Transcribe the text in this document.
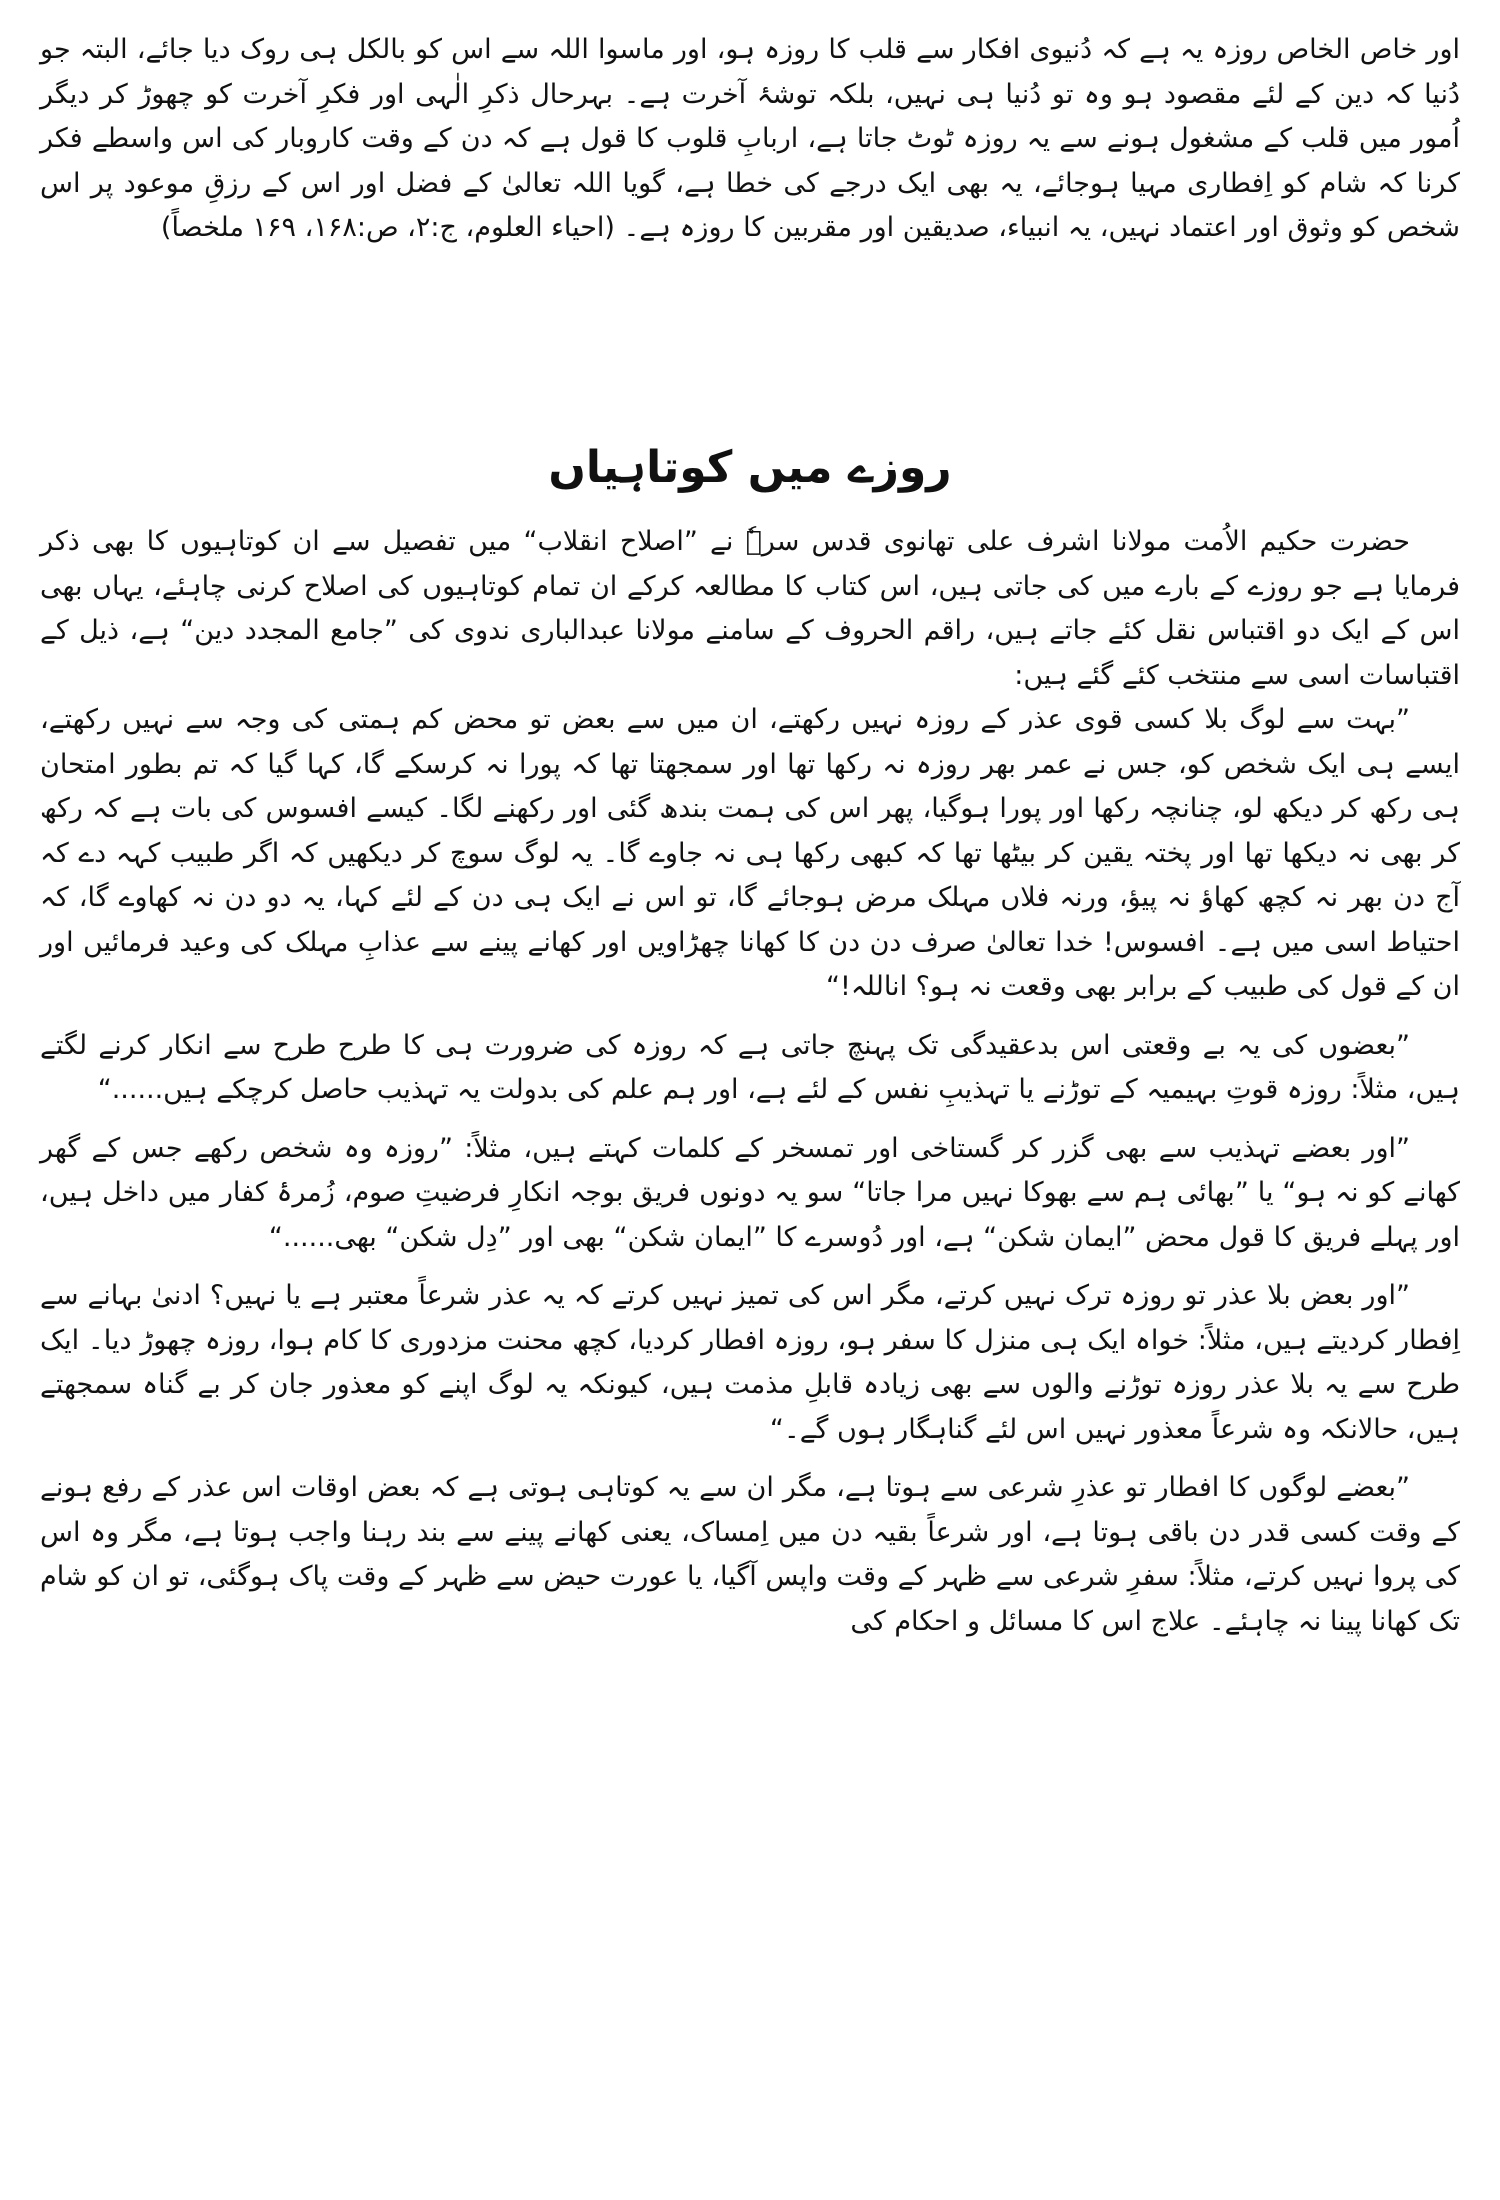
اور خاص الخاص روزہ یہ ہے کہ دُنیوی افکار سے قلب کا روزہ ہو، اور ماسوا اللہ سے اس کو بالکل ہی روک دیا جائے، البتہ جو دُنیا کہ دین کے لئے مقصود ہو وہ تو دُنیا ہی نہیں، بلکہ توشۂ آخرت ہے۔ بہرحال ذکرِ الٰہی اور فکرِ آخرت کو چھوڑ کر دیگر اُمور میں قلب کے مشغول ہونے سے یہ روزہ ٹوٹ جاتا ہے، اربابِ قلوب کا قول ہے کہ دن کے وقت کاروبار کی اس واسطے فکر کرنا کہ شام کو اِفطاری مہیا ہوجائے، یہ بھی ایک درجے کی خطا ہے، گویا اللہ تعالیٰ کے فضل اور اس کے رزقِ موعود پر اس شخص کو وثوق اور اعتماد نہیں، یہ انبیاء، صدیقین اور مقربین کا روزہ ہے۔ (احیاء العلوم، ج:۲، ص:۱۶۸، ۱۶۹ ملخصاً)

روزے میں کوتاہیاں

حضرت حکیم الاُمت مولانا اشرف علی تھانوی قدس سرہٗ نے ”اصلاح انقلاب“ میں تفصیل سے ان کوتاہیوں کا بھی ذکر فرمایا ہے جو روزے کے بارے میں کی جاتی ہیں، اس کتاب کا مطالعہ کرکے ان تمام کوتاہیوں کی اصلاح کرنی چاہئے، یہاں بھی اس کے ایک دو اقتباس نقل کئے جاتے ہیں، راقم الحروف کے سامنے مولانا عبدالباری ندوی کی ”جامع المجدد دین“ ہے، ذیل کے اقتباسات اسی سے منتخب کئے گئے ہیں:

”بہت سے لوگ بلا کسی قوی عذر کے روزہ نہیں رکھتے، ان میں سے بعض تو محض کم ہمتی کی وجہ سے نہیں رکھتے، ایسے ہی ایک شخص کو، جس نے عمر بھر روزہ نہ رکھا تھا اور سمجھتا تھا کہ پورا نہ کرسکے گا، کہا گیا کہ تم بطور امتحان ہی رکھ کر دیکھ لو، چنانچہ رکھا اور پورا ہوگیا، پھر اس کی ہمت بندھ گئی اور رکھنے لگا۔ کیسے افسوس کی بات ہے کہ رکھ کر بھی نہ دیکھا تھا اور پختہ یقین کر بیٹھا تھا کہ کبھی رکھا ہی نہ جاوے گا۔ یہ لوگ سوچ کر دیکھیں کہ اگر طبیب کہہ دے کہ آج دن بھر نہ کچھ کھاؤ نہ پیؤ، ورنہ فلاں مہلک مرض ہوجائے گا، تو اس نے ایک ہی دن کے لئے کہا، یہ دو دن نہ کھاوے گا، کہ احتیاط اسی میں ہے۔ افسوس! خدا تعالیٰ صرف دن دن کا کھانا چھڑاویں اور کھانے پینے سے عذابِ مہلک کی وعید فرمائیں اور ان کے قول کی طبیب کے برابر بھی وقعت نہ ہو؟ اناللہ!“

”بعضوں کی یہ بے وقعتی اس بدعقیدگی تک پہنچ جاتی ہے کہ روزہ کی ضرورت ہی کا طرح طرح سے انکار کرنے لگتے ہیں، مثلاً: روزہ قوتِ بہیمیہ کے توڑنے یا تہذیبِ نفس کے لئے ہے، اور ہم علم کی بدولت یہ تہذیب حاصل کرچکے ہیں......“

”اور بعضے تہذیب سے بھی گزر کر گستاخی اور تمسخر کے کلمات کہتے ہیں، مثلاً: ”روزہ وہ شخص رکھے جس کے گھر کھانے کو نہ ہو“ یا ”بھائی ہم سے بھوکا نہیں مرا جاتا“ سو یہ دونوں فریق بوجہ انکارِ فرضیتِ صوم، زُمرۂ کفار میں داخل ہیں، اور پہلے فریق کا قول محض ”ایمان شکن“ ہے، اور دُوسرے کا ”ایمان شکن“ بھی اور ”دِل شکن“ بھی......“

”اور بعض بلا عذر تو روزہ ترک نہیں کرتے، مگر اس کی تمیز نہیں کرتے کہ یہ عذر شرعاً معتبر ہے یا نہیں؟ ادنیٰ بہانے سے اِفطار کردیتے ہیں، مثلاً: خواہ ایک ہی منزل کا سفر ہو، روزہ افطار کردیا، کچھ محنت مزدوری کا کام ہوا، روزہ چھوڑ دیا۔ ایک طرح سے یہ بلا عذر روزہ توڑنے والوں سے بھی زیادہ قابلِ مذمت ہیں، کیونکہ یہ لوگ اپنے کو معذور جان کر بے گناہ سمجھتے ہیں، حالانکہ وہ شرعاً معذور نہیں اس لئے گناہگار ہوں گے۔“

”بعضے لوگوں کا افطار تو عذرِ شرعی سے ہوتا ہے، مگر ان سے یہ کوتاہی ہوتی ہے کہ بعض اوقات اس عذر کے رفع ہونے کے وقت کسی قدر دن باقی ہوتا ہے، اور شرعاً بقیہ دن میں اِمساک، یعنی کھانے پینے سے بند رہنا واجب ہوتا ہے، مگر وہ اس کی پروا نہیں کرتے، مثلاً: سفرِ شرعی سے ظہر کے وقت واپس آگیا، یا عورت حیض سے ظہر کے وقت پاک ہوگئی، تو ان کو شام تک کھانا پینا نہ چاہئے۔ علاج اس کا مسائل و احکام کی
